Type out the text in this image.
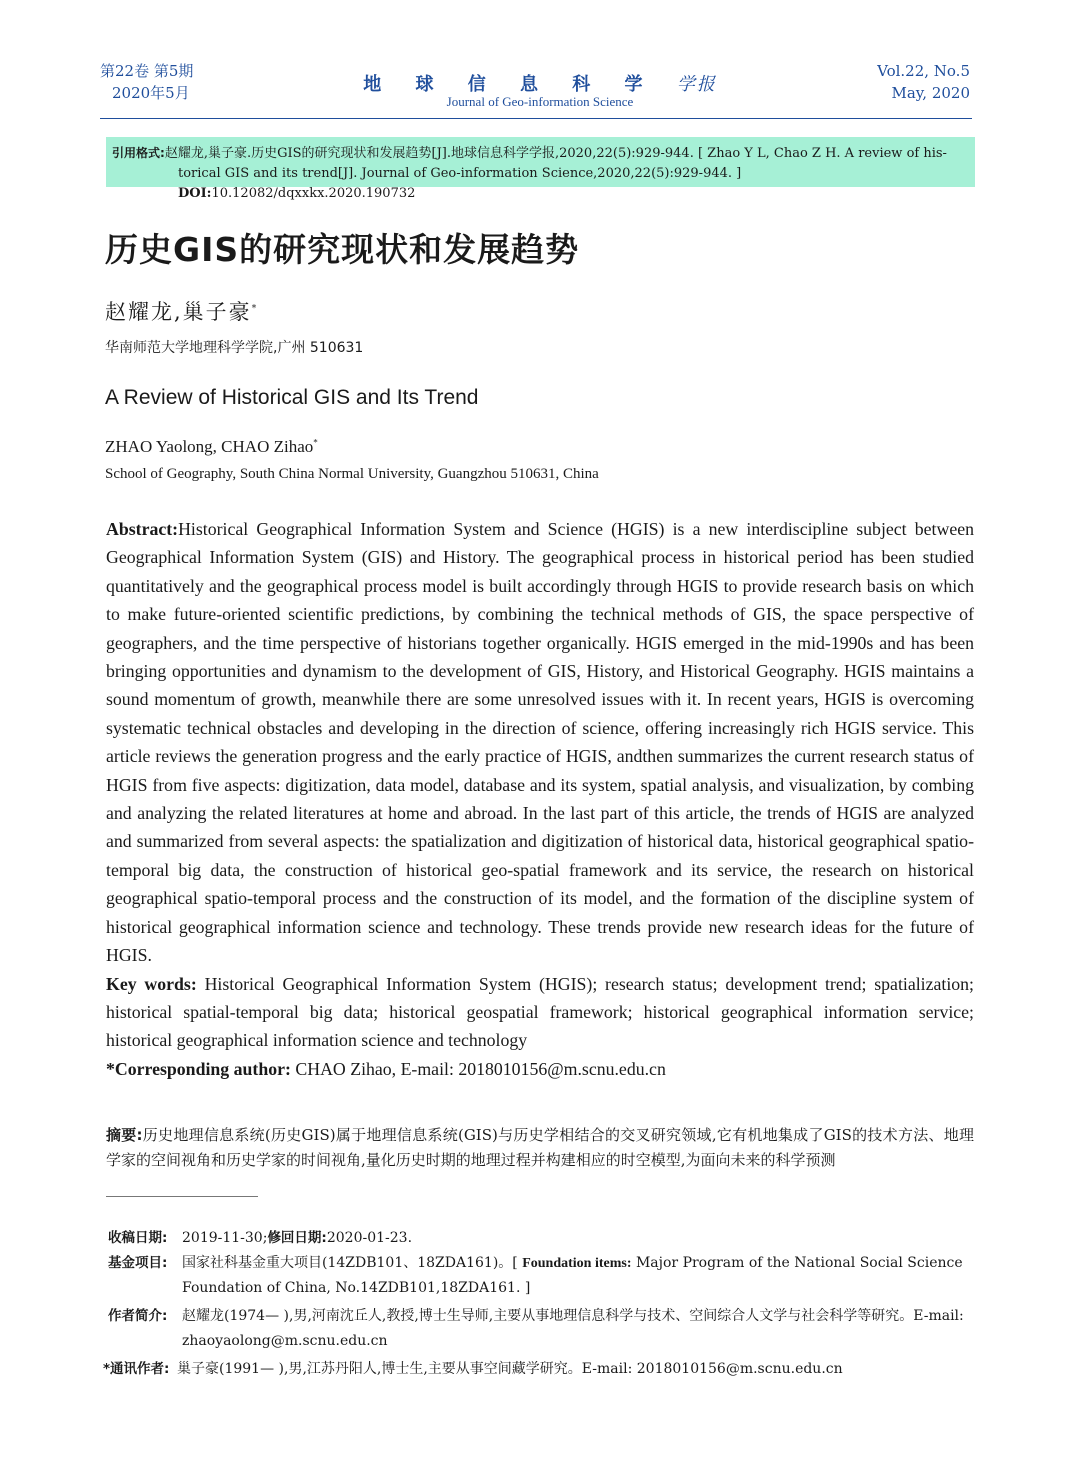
第22卷 第5期
2020年5月	地 球 信 息 科 学 学报
Journal of Geo-information Science
Vol.22, No.5
May, 2020
引用格式:赵耀龙,巢子豪.历史GIS的研究现状和发展趋势[J].地球信息科学学报,2020,22(5):929-944. [ Zhao Y L, Chao Z H. A review of his-
torical GIS and its trend[J]. Journal of Geo-information Science,2020,22(5):929-944. ] DOI:10.12082/dqxxkx.2020.190732
历史GIS的研究现状和发展趋势
赵耀龙,巢子豪*
华南师范大学地理科学学院,广州 510631
A Review of Historical GIS and Its Trend
ZHAO Yaolong, CHAO Zihao*
School of Geography, South China Normal University, Guangzhou 510631, China

Abstract:Historical Geographical Information System and Science (HGIS) is a new interdiscipline subject between Geographical Information System (GIS) and History. The geographical process in historical period has been studied quantitatively and the geographical process model is built accordingly through HGIS to provide research basis on which to make future-oriented scientific predictions, by combining the technical methods of GIS, the space perspective of geographers, and the time perspective of historians together organically. HGIS emerged in the mid-1990s and has been bringing opportunities and dynamism to the development of GIS, History, and Historical Geography. HGIS maintains a sound momentum of growth, meanwhile there are some unresolved issues with it. In recent years, HGIS is overcoming systematic technical obstacles and developing in the direction of science, offering increasingly rich HGIS service. This article reviews the generation progress and the early practice of HGIS, andthen summarizes the current research status of HGIS from five aspects: digitization, data model, database and its system, spatial analysis, and visualization, by combing and analyzing the related literatures at home and abroad. In the last part of this article, the trends of HGIS are analyzed and summarized from several aspects: the spatialization and digitization of historical data, historical geographical spatio-temporal big data, the construction of historical geo-spatial framework and its service, the research on historical geographical spatio-temporal process and the construction of its model, and the formation of the discipline system of historical geographical information science and technology. These trends provide new research ideas for the future of HGIS.

Key words: Historical Geographical Information System (HGIS); research status; development trend; spatialization; historical spatial-temporal big data; historical geospatial framework; historical geographical information service; historical geographical information science and technology

*Corresponding author: CHAO Zihao, E-mail: 2018010156@m.scnu.edu.cn

摘要:历史地理信息系统(历史GIS)属于地理信息系统(GIS)与历史学相结合的交叉研究领域,它有机地集成了GIS的技术方法、地理学家的空间视角和历史学家的时间视角,量化历史时期的地理过程并构建相应的时空模型,为面向未来的科学预测
收稿日期: 2019-11-30;修回日期:2020-01-23.
基金项目: 国家社科基金重大项目(14ZDB101、18ZDA161)。[ Foundation items: Major Program of the National Social Science Foundation of China, No.14ZDB101,18ZDA161. ]
作者简介: 赵耀龙(1974— ),男,河南沈丘人,教授,博士生导师,主要从事地理信息科学与技术、空间综合人文学与社会科学等研究。E-mail: zhaoyaolong@m.scnu.edu.cn
*通讯作者: 巢子豪(1991— ),男,江苏丹阳人,博士生,主要从事空间藏学研究。E-mail: 2018010156@m.scnu.edu.cn
